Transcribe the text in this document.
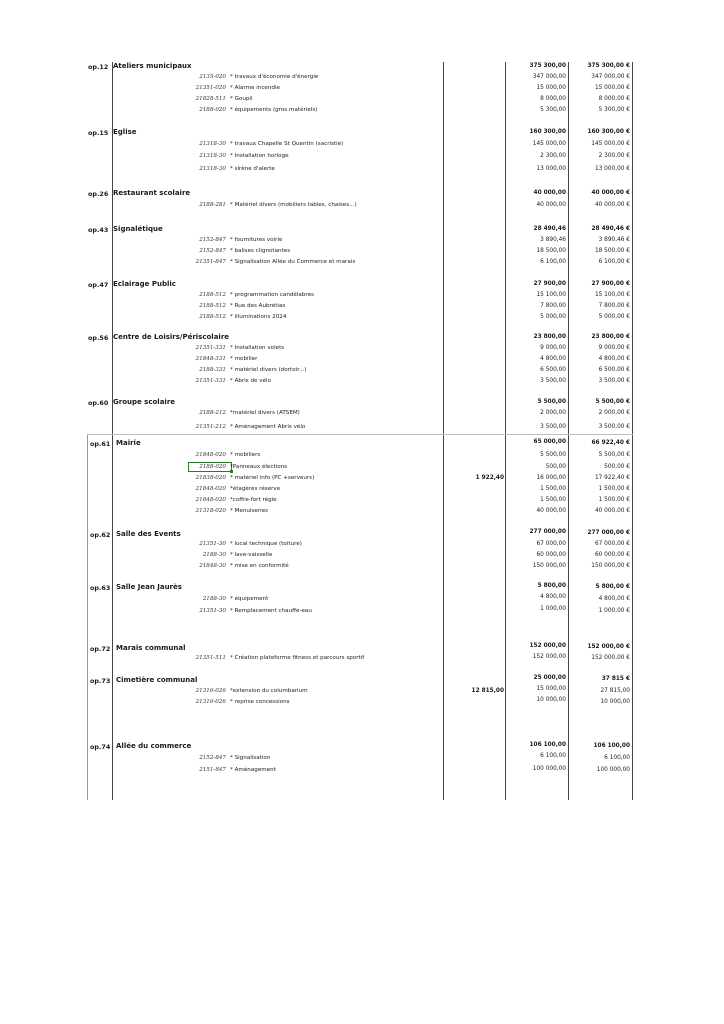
op.12 Ateliers municipaux	375 300,00	375 300,00 €
2135-020 * travaux d'économie d'énergie	347 000,00	347 000,00 €
21351-020 * Alarme incendie	15 000,00	15 000,00 €
21828-511 * Goupil	8 000,00	8 000,00 €
2188-020 * équipements (gros matériels)	5 300,00	5 300,00 €
op.15 Eglise	160 300,00	160 300,00 €
21318-30 * travaux Chapelle St Quentin (sacristie)	145 000,00	145 000,00 €
21318-30 * Installation horloge	2 300,00	2 300,00 €
21318-30 * sirène d'alerte	13 000,00	13 000,00 €
op.26 Restaurant scolaire	40 000,00	40 000,00 €
2188-281 * Matériel divers (mobiliers tables, chaises...)	40 000,00	40 000,00 €
op.43 Signalétique	28 490,46	28 490,46 €
2152-847 * fournitures voirie	3 890,46	3 890,46 €
2152-847 * balises clignotantes	18 500,00	18 500,00 €
21351-847 * Signalisation Allée du Commerce et marais	6 100,00	6 100,00 €
op.47 Eclairage Public	27 900,00	27 900,00 €
2188-512 * programmation candélabres	15 100,00	15 100,00 €
2188-512 * Rue des Aubrétias	7 800,00	7 800,00 €
2188-512 * illuminations 2024	5 000,00	5 000,00 €
op.56 Centre de Loisirs/Périscolaire	23 800,00	23 800,00 €
21351-331 * Installation volets	9 000,00	9 000,00 €
21848-331 * mobilier	4 800,00	4 800,00 €
2188-331 * matériel divers (dortoir...)	6 500,00	6 500,00 €
21351-331 * Abris de vélo	3 500,00	3 500,00 €
op.60 Groupe scolaire	5 500,00	5 500,00 €
2188-212 *matériel divers (ATSEM)	2 000,00	2 000,00 €
21351-212 * Aménagement Abris vélo	3 500,00	3 500,00 €
op.61 Mairie	65 000,00	66 922,40 €
21848-020 * mobiliers	5 500,00	5 500,00 €
2188-020 *Panneaux élections	500,00	500,00 €
21838-020 * matériel info (PC +serveurs)	1 922,40	16 000,00	17 922,40 €
21848-020 *étagères réserve	1 500,00	1 500,00 €
21848-020 *coffre-fort régie	1 500,00	1 500,00 €
21318-020 * Menuiseries	40 000,00	40 000,00 €
op.62 Salle des Events	277 000,00	277 000,00 €
21351-30 * local technique (toiture)	67 000,00	67 000,00 €
2188-30 * lave-vaisselle	60 000,00	60 000,00 €
21848-30 * mise en conformité	150 000,00	150 000,00 €
op.63 Salle Jean Jaurès	5 800,00	5 800,00 €
2188-30 * équipement	4 800,00	4 800,00 €
21351-30 * Remplacement chauffe-eau	1 000,00	1 000,00 €
op.72 Marais communal	152 000,00	152 000,00 €
21351-511 * Création plateforme fitness et parcours sportif	152 000,00	152 000,00 €
op.73 Cimetière communal	25 000,00	37 815 €
21316-026 *extension du columbarium	12 815,00	15 000,00	27 815,00
21316-026 * reprise concessions	10 000,00	10 000,00
op.74 Allée du commerce	106 100,00	106 100,00
2152-847 * Signalisation	6 100,00	6 100,00
2151-847 * Aménagement	100 000,00	100 000,00
